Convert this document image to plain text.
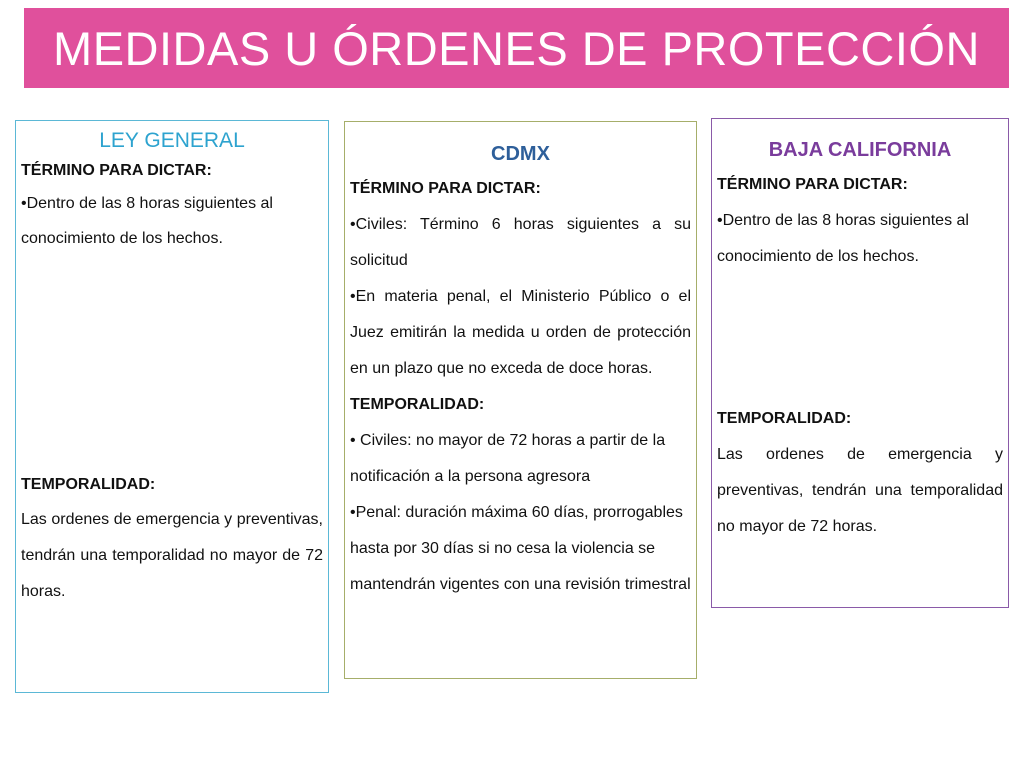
MEDIDAS U ÓRDENES DE PROTECCIÓN

LEY GENERAL

TÉRMINO PARA DICTAR:

•Dentro de las 8 horas siguientes al conocimiento de los hechos.

TEMPORALIDAD:

Las ordenes de emergencia y preventivas, tendrán una temporalidad no mayor de 72 horas.

CDMX

TÉRMINO PARA DICTAR:

•Civiles: Término 6 horas siguientes a su solicitud

•En materia penal, el Ministerio Público o el Juez emitirán la medida u orden de protección en un plazo que no exceda de doce horas.

TEMPORALIDAD:

• Civiles: no mayor de 72 horas a partir de la notificación a la persona agresora

•Penal: duración máxima 60 días, prorrogables hasta por 30 días si no cesa la violencia se mantendrán vigentes con una revisión trimestral

BAJA CALIFORNIA

TÉRMINO PARA DICTAR:

•Dentro de las 8 horas siguientes al conocimiento de los hechos.

TEMPORALIDAD:

Las ordenes de emergencia y preventivas, tendrán una temporalidad no mayor de 72 horas.
